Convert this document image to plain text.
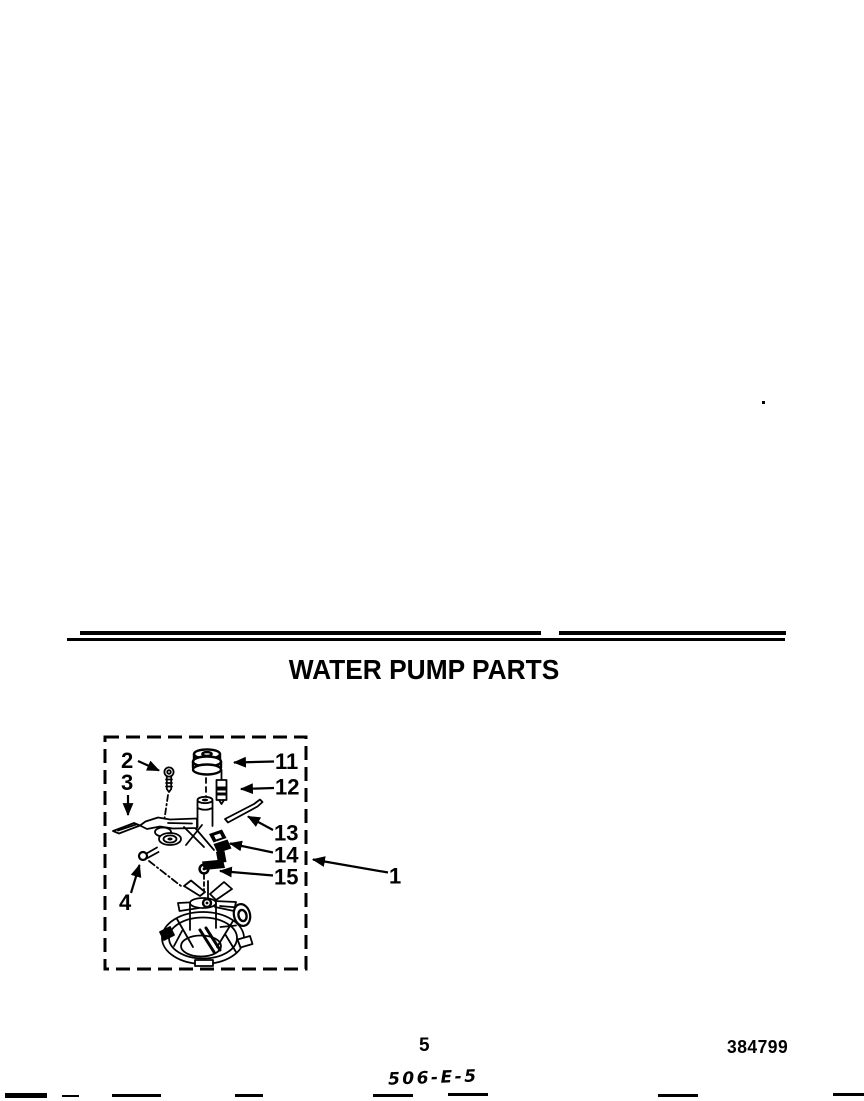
WATER PUMP PARTS
2
3
11
12
13
14
15
4
1
5	384799
506-E-5
